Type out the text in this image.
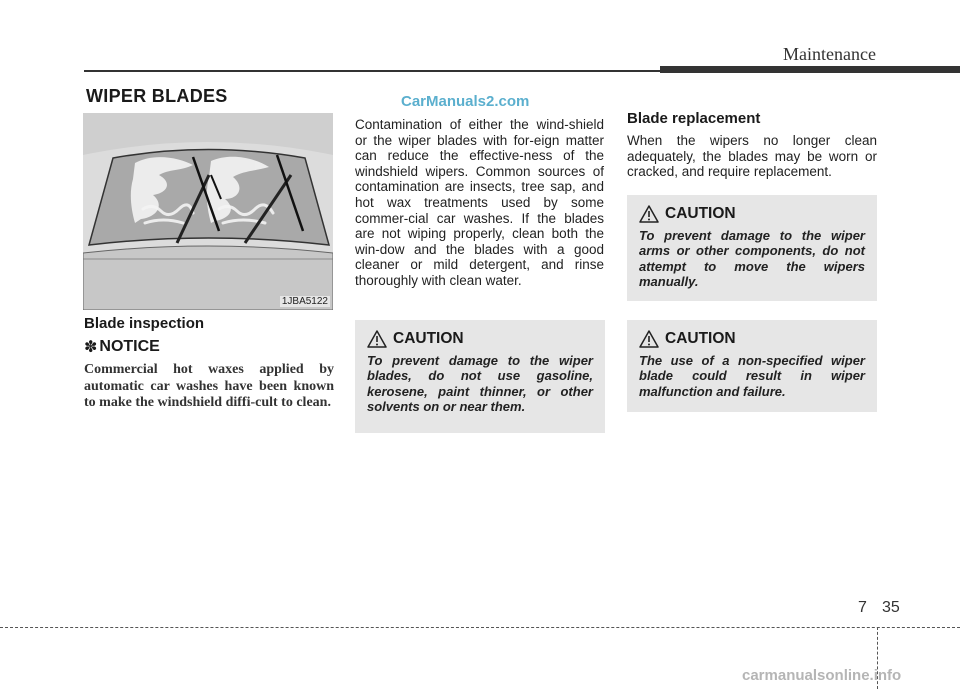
Maintenance
WIPER BLADES	CarManuals2.com
1JBA5122
Blade inspection
✽ NOTICE
Commercial hot waxes applied by automatic car washes have been known to make the windshield diffi-cult to clean.
Contamination of either the wind-shield or the wiper blades with for-eign matter can reduce the effective-ness of the windshield wipers. Common sources of contamination are insects, tree sap, and hot wax treatments used by some commer-cial car washes. If the blades are not wiping properly, clean both the win-dow and the blades with a good cleaner or mild detergent, and rinse thoroughly with clean water.
CAUTION
To prevent damage to the wiper blades, do not use gasoline, kerosene, paint thinner, or other solvents on or near them.
Blade replacement
When the wipers no longer clean adequately, the blades may be worn or cracked, and require replacement.
CAUTION
To prevent damage to the wiper arms or other components, do not attempt to move the wipers manually.
CAUTION
The use of a non-specified wiper blade could result in wiper malfunction and failure.
7 35
carmanualsonline.info
